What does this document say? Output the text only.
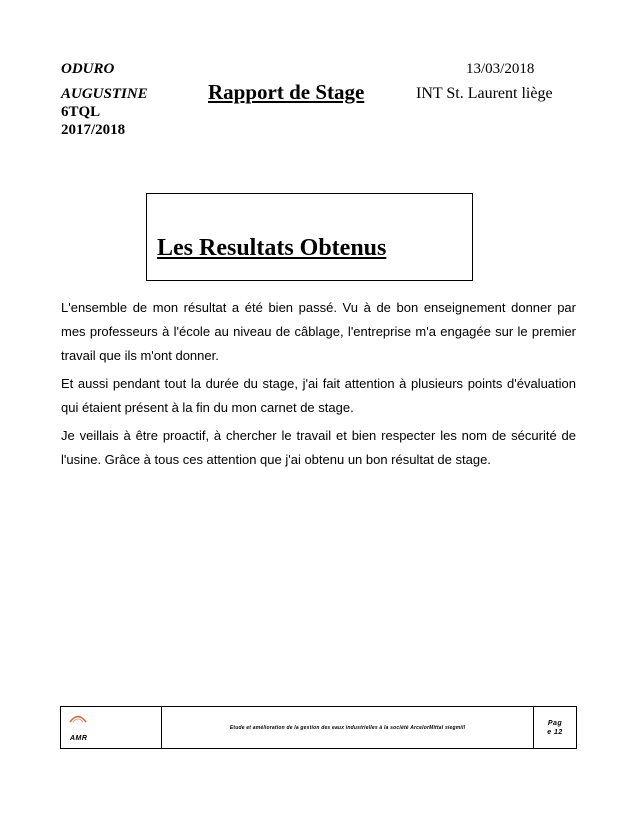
ODURO	13/03/2018
AUGUSTINE	Rapport de Stage	INT St. Laurent liège
6TQL
2017/2018
Les Resultats Obtenus

L'ensemble de mon résultat a été bien passé. Vu à de bon enseignement donner par mes professeurs à l'école au niveau de câblage, l'entreprise m'a engagée sur le premier travail que ils m'ont donner.

Et aussi pendant tout la durée du stage, j'ai fait attention à plusieurs points d'évaluation qui étaient présent à la fin du mon carnet de stage.

Je veillais à être proactif, à chercher le travail et bien respecter les nom de sécurité de l'usine. Grâce à tous ces attention que j'ai obtenu un bon résultat de stage.

AMR
Etude et amélioration de la gestion des eaux industrielles à la société ArcelorMittal siegmill
Pag
e 12
